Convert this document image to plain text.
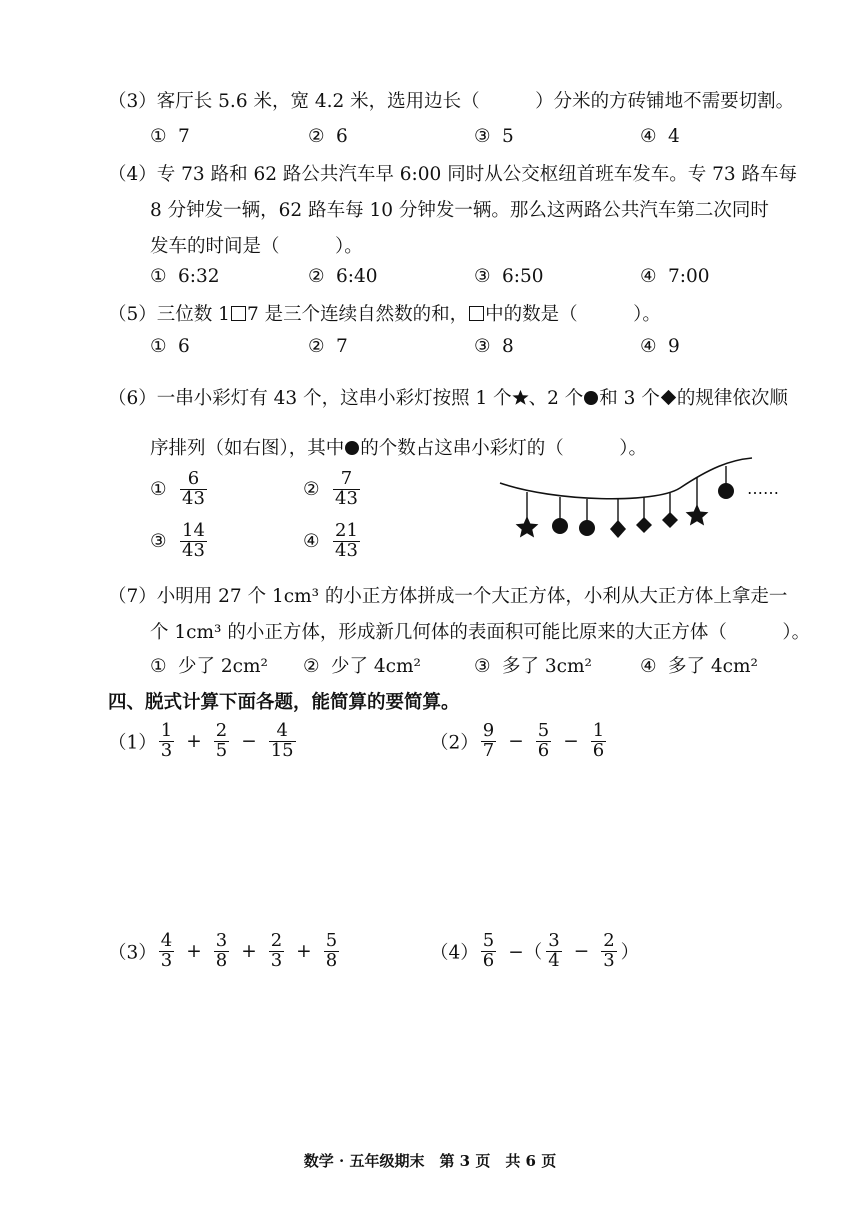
（3）客厅长 5.6 米，宽 4.2 米，选用边长（　　　）分米的方砖铺地不需要切割。
① 7	② 6	③ 5	④ 4
（4）专 73 路和 62 路公共汽车早 6:00 同时从公交枢纽首班车发车。专 73 路车每
8 分钟发一辆，62 路车每 10 分钟发一辆。那么这两路公共汽车第二次同时
发车的时间是（　　　）。
① 6:32	② 6:40	③ 6:50	④ 7:00
（5）三位数 1 7 是三个连续自然数的和， 中的数是（　　　）。
① 6	② 7	③ 8	④ 9
（6）一串小彩灯有 43 个，这串小彩灯按照 1 个 、2 个 和 3 个 的规律依次顺
序排列（如右图），其中 的个数占这串小彩灯的（　　　）。
① $\frac{6}{43}$	② $\frac{7}{43}$
③ $\frac{14}{43}$	④ $\frac{21}{43}$
……
（7）小明用 27 个 1cm³ 的小正方体拼成一个大正方体，小利从大正方体上拿走一
个 1cm³ 的小正方体，形成新几何体的表面积可能比原来的大正方体（　　　）。
① 少了 2cm² ② 少了 4cm²	③ 多了 3cm²	④ 多了 4cm²
四、脱式计算下面各题，能简算的要简算。
$(1) \frac{1}{3} + \frac{2}{5} - \frac{4}{15}$	$(2) \frac{9}{7} - \frac{5}{6} - \frac{1}{6}$
$(3) \frac{4}{3} + \frac{3}{8} + \frac{2}{3} + \frac{5}{8}$	$(4) \frac{5}{6}$ −（ $\frac{3}{4} - \frac{2}{3}$ ）
数学 · 五年级期末　第 3 页　共 6 页
